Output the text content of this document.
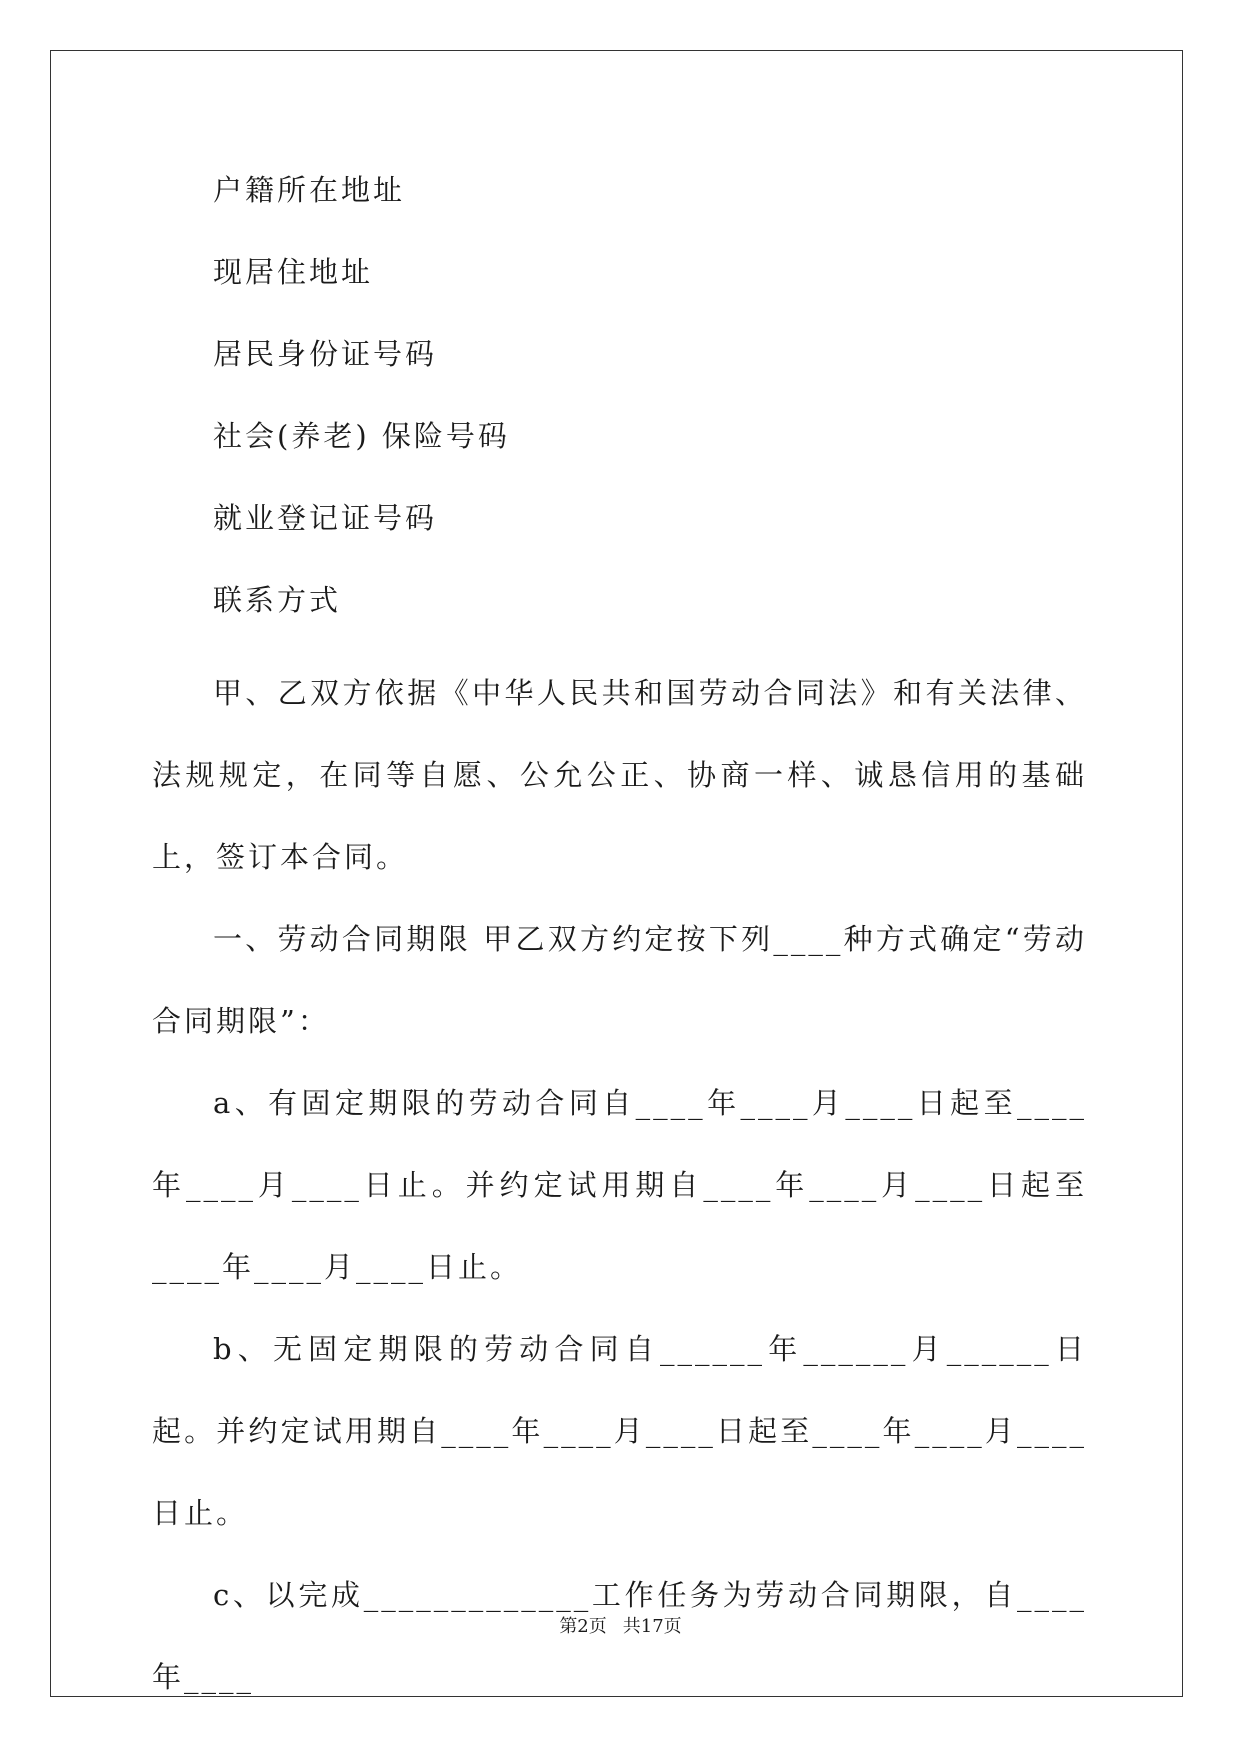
户籍所在地址
现居住地址
居民身份证号码
社会(养老) 保险号码
就业登记证号码
联系方式
甲、乙双方依据《中华人民共和国劳动合同法》和有关法律、法规规定，在同等自愿、公允公正、协商一样、诚恳信用的基础上，签订本合同。
一、劳动合同期限 甲乙双方约定按下列____种方式确定“劳动合同期限”：
a、有固定期限的劳动合同自____年____月____日起至____年____月____日止。并约定试用期自____年____月____日起至____年____月____日止。
b、无固定期限的劳动合同自______年______月______日起。并约定试用期自____年____月____日起至____年____月____日止。
c、以完成_____________工作任务为劳动合同期限，自____年____
第2页 共17页
